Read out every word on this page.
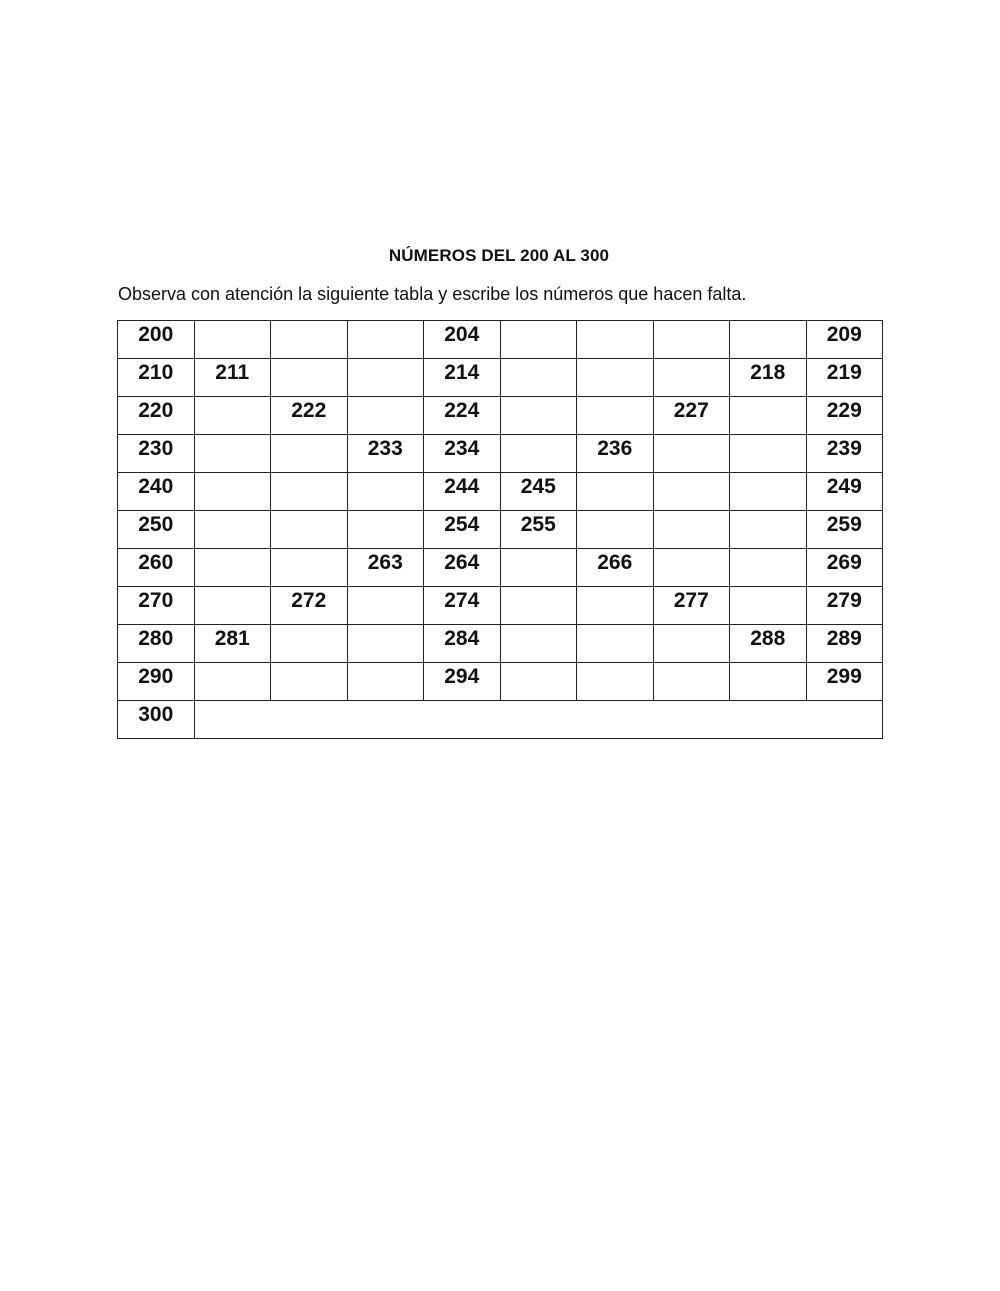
NÚMEROS DEL 200 AL 300
Observa con atención la siguiente tabla y escribe los números que hacen falta.
200				204					209
210	211			214				218	219
220		222		224			227		229
230			233	234		236			239
240				244	245				249
250				254	255				259
260			263	264		266			269
270		272		274			277		279
280	281			284				288	289
290				294					299
300									
